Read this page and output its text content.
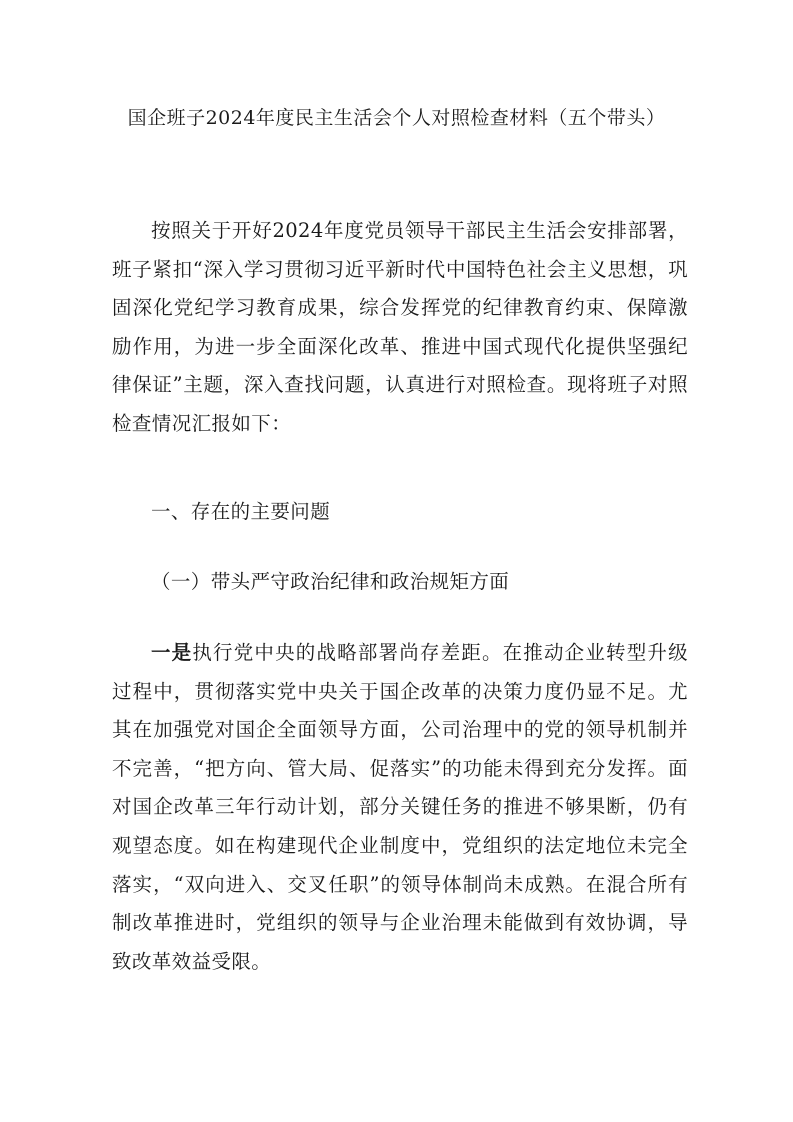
国企班子2024年度民主生活会个人对照检查材料（五个带头）

按照关于开好2024年度党员领导干部民主生活会安排部署，班子紧扣“深入学习贯彻习近平新时代中国特色社会主义思想，巩固深化党纪学习教育成果，综合发挥党的纪律教育约束、保障激励作用，为进一步全面深化改革、推进中国式现代化提供坚强纪律保证”主题，深入查找问题，认真进行对照检查。现将班子对照检查情况汇报如下：

一、存在的主要问题
（一）带头严守政治纪律和政治规矩方面

一是执行党中央的战略部署尚存差距。在推动企业转型升级过程中，贯彻落实党中央关于国企改革的决策力度仍显不足。尤其在加强党对国企全面领导方面，公司治理中的党的领导机制并不完善，“把方向、管大局、促落实”的功能未得到充分发挥。面对国企改革三年行动计划，部分关键任务的推进不够果断，仍有观望态度。如在构建现代企业制度中，党组织的法定地位未完全落实，“双向进入、交叉任职”的领导体制尚未成熟。在混合所有制改革推进时，党组织的领导与企业治理未能做到有效协调，导致改革效益受限。
